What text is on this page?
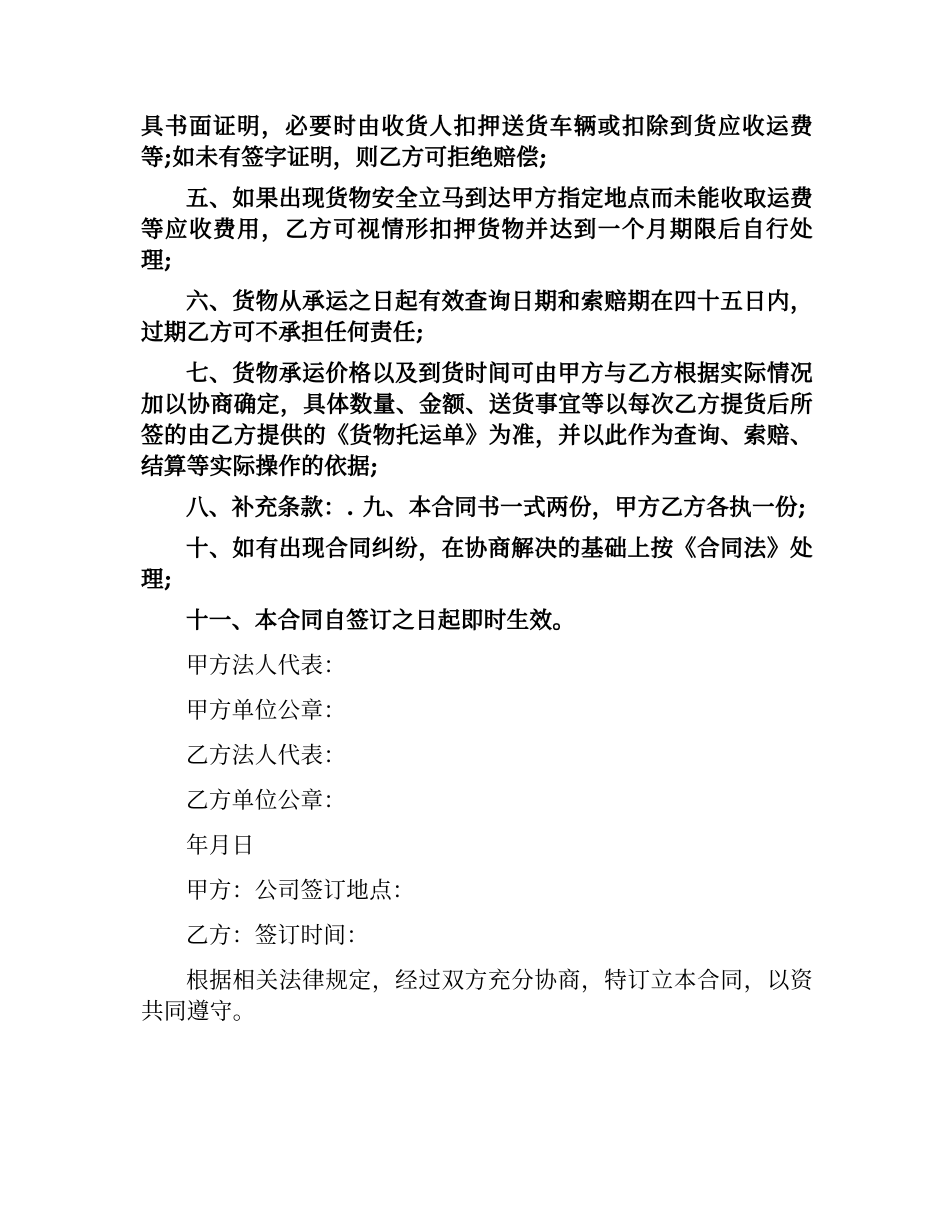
具书面证明，必要时由收货人扣押送货车辆或扣除到货应收运费等;如未有签字证明，则乙方可拒绝赔偿;

五、如果出现货物安全立马到达甲方指定地点而未能收取运费等应收费用，乙方可视情形扣押货物并达到一个月期限后自行处理;

六、货物从承运之日起有效查询日期和索赔期在四十五日内，过期乙方可不承担任何责任;

七、货物承运价格以及到货时间可由甲方与乙方根据实际情况加以协商确定，具体数量、金额、送货事宜等以每次乙方提货后所签的由乙方提供的《货物托运单》为准，并以此作为查询、索赔、结算等实际操作的依据;

八、补充条款：. 九、本合同书一式两份，甲方乙方各执一份;

十、如有出现合同纠纷，在协商解决的基础上按《合同法》处理;

十一、本合同自签订之日起即时生效。

甲方法人代表：

甲方单位公章：

乙方法人代表：

乙方单位公章：

年月日

甲方：公司签订地点：

乙方：签订时间：

根据相关法律规定，经过双方充分协商，特订立本合同，以资共同遵守。
